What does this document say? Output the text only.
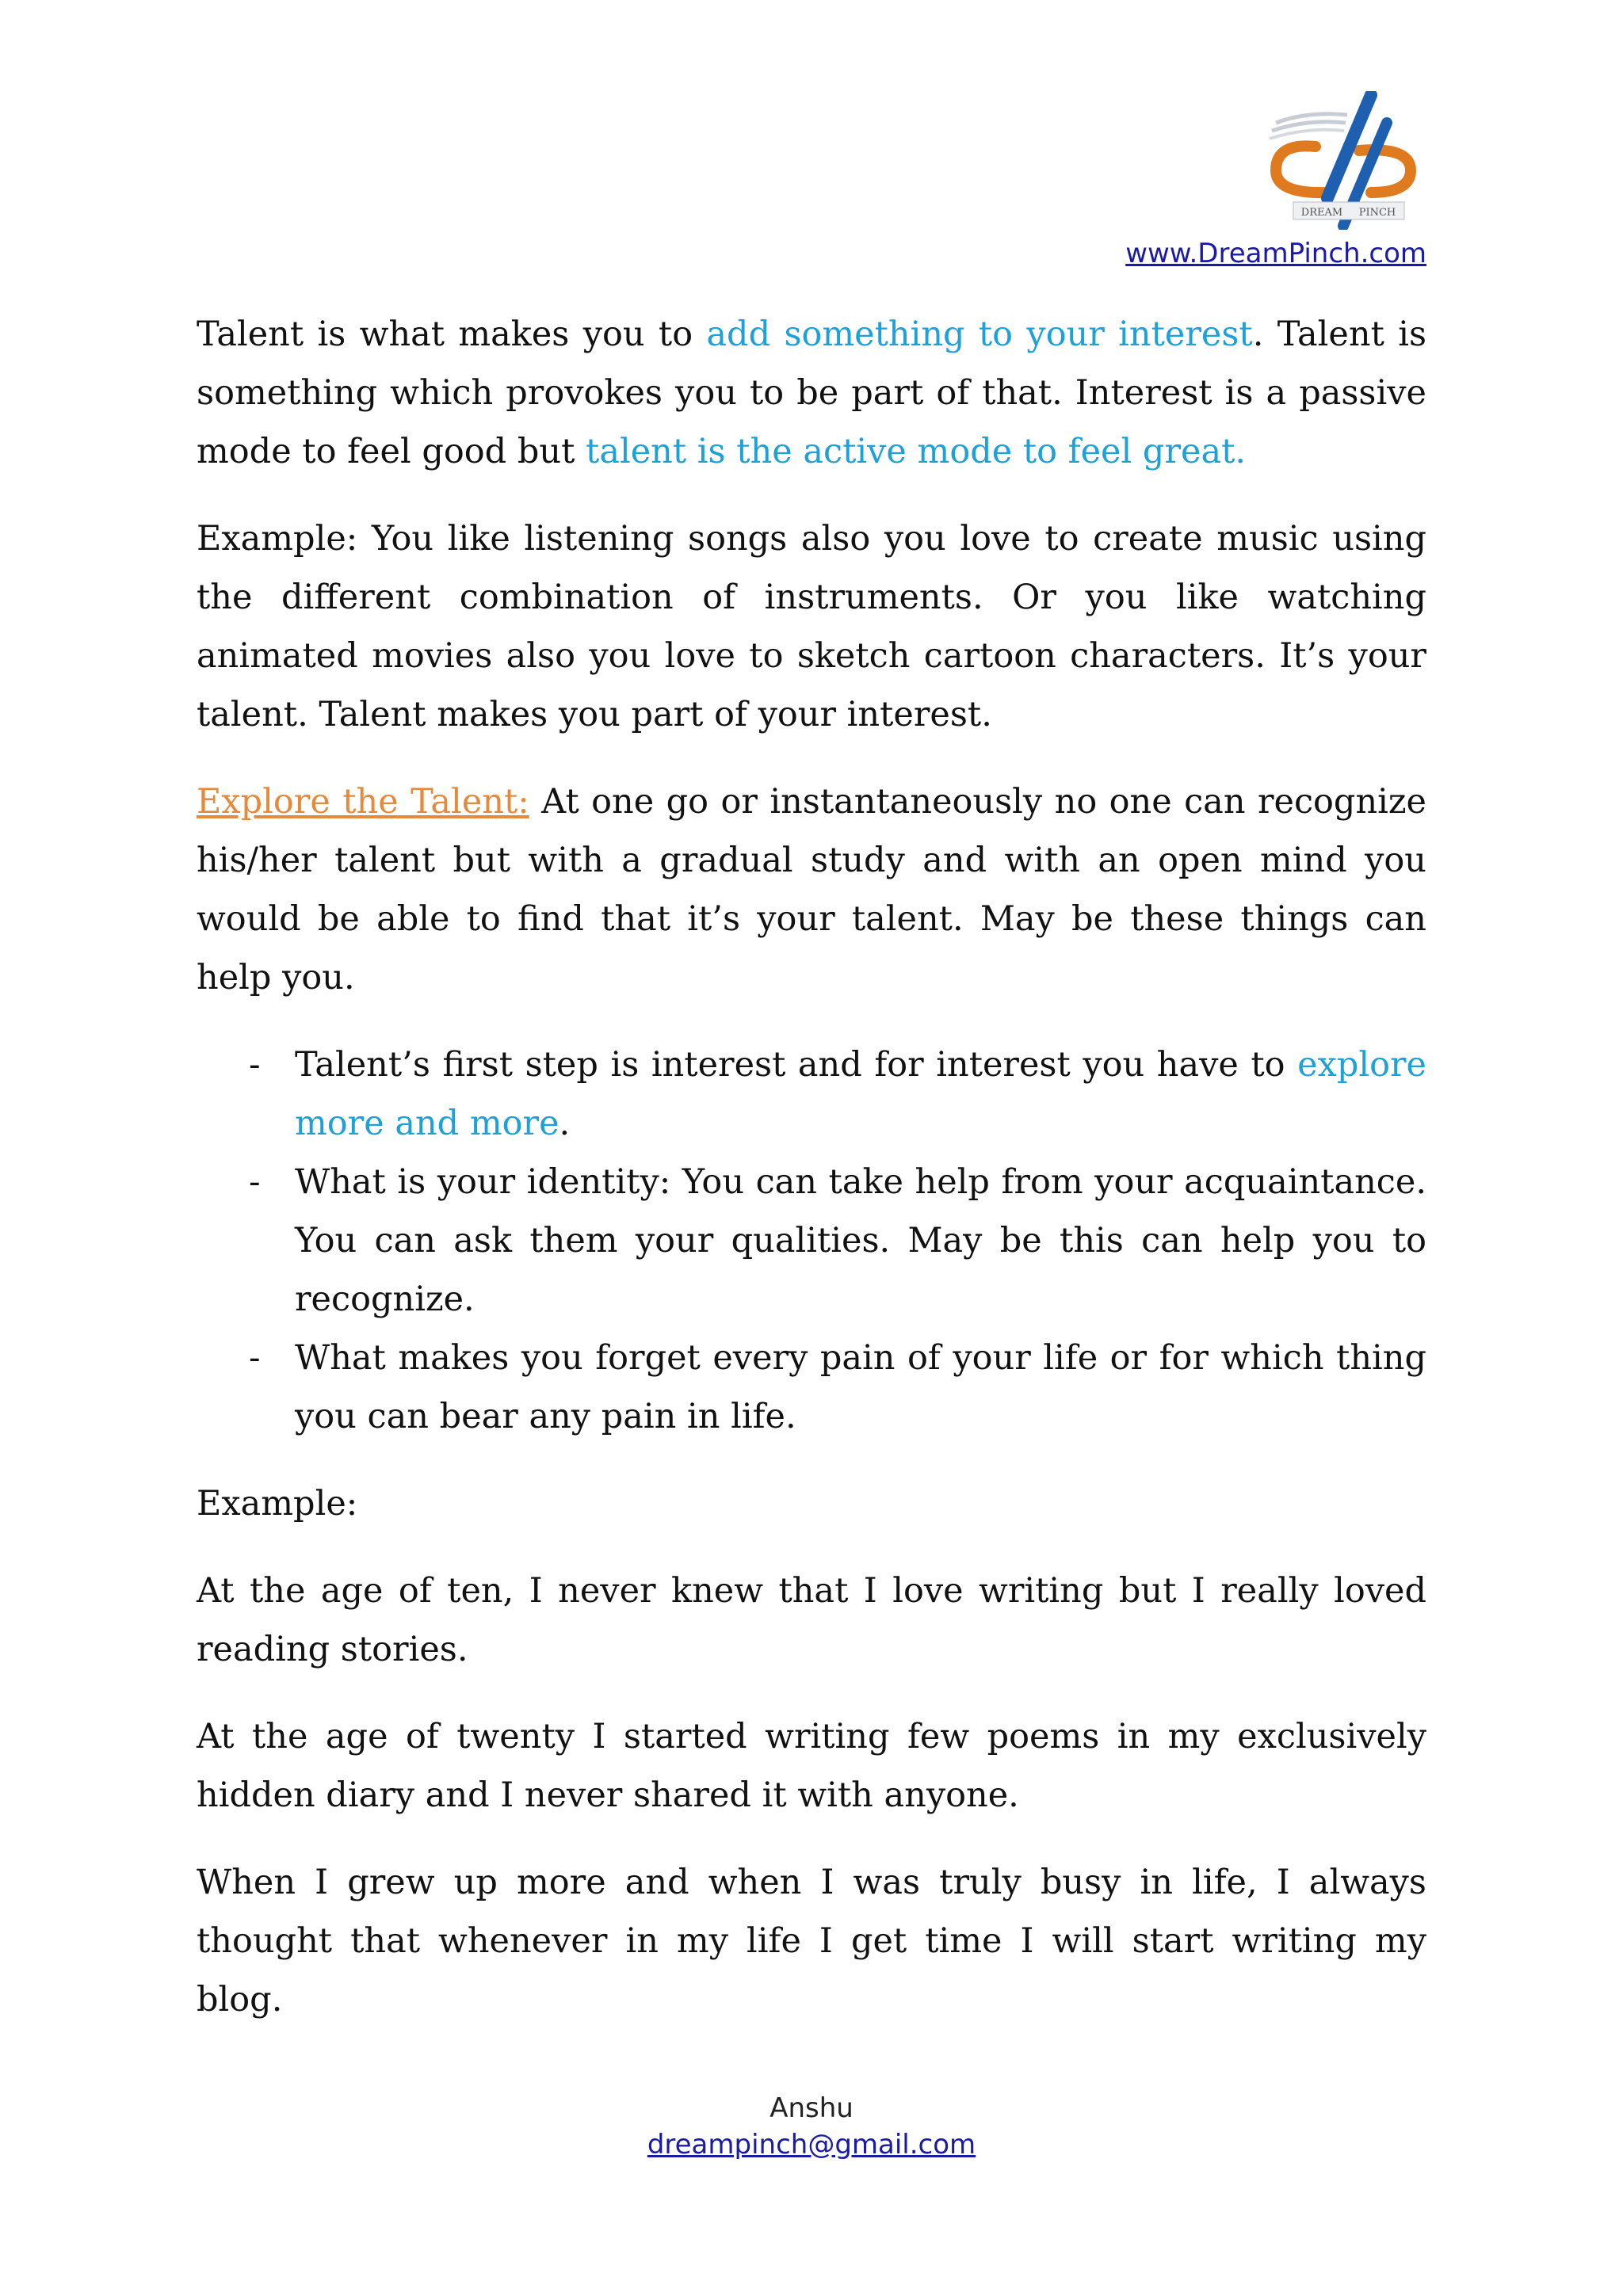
DREAM PINCH
www.DreamPinch.com

Talent is what makes you to add something to your interest. Talent is something which provokes you to be part of that. Interest is a passive mode to feel good but talent is the active mode to feel great.

Example: You like listening songs also you love to create music using the different combination of instruments. Or you like watching animated movies also you love to sketch cartoon characters. It’s your talent. Talent makes you part of your interest.

Explore the Talent: At one go or instantaneously no one can recognize his/her talent but with a gradual study and with an open mind you would be able to find that it’s your talent. May be these things can help you.

- Talent’s first step is interest and for interest you have to explore more and more.
- What is your identity: You can take help from your acquaintance. You can ask them your qualities. May be this can help you to recognize.
- What makes you forget every pain of your life or for which thing you can bear any pain in life.

Example:

At the age of ten, I never knew that I love writing but I really loved reading stories.

At the age of twenty I started writing few poems in my exclusively hidden diary and I never shared it with anyone.

When I grew up more and when I was truly busy in life, I always thought that whenever in my life I get time I will start writing my blog.

Anshu
dreampinch@gmail.com
